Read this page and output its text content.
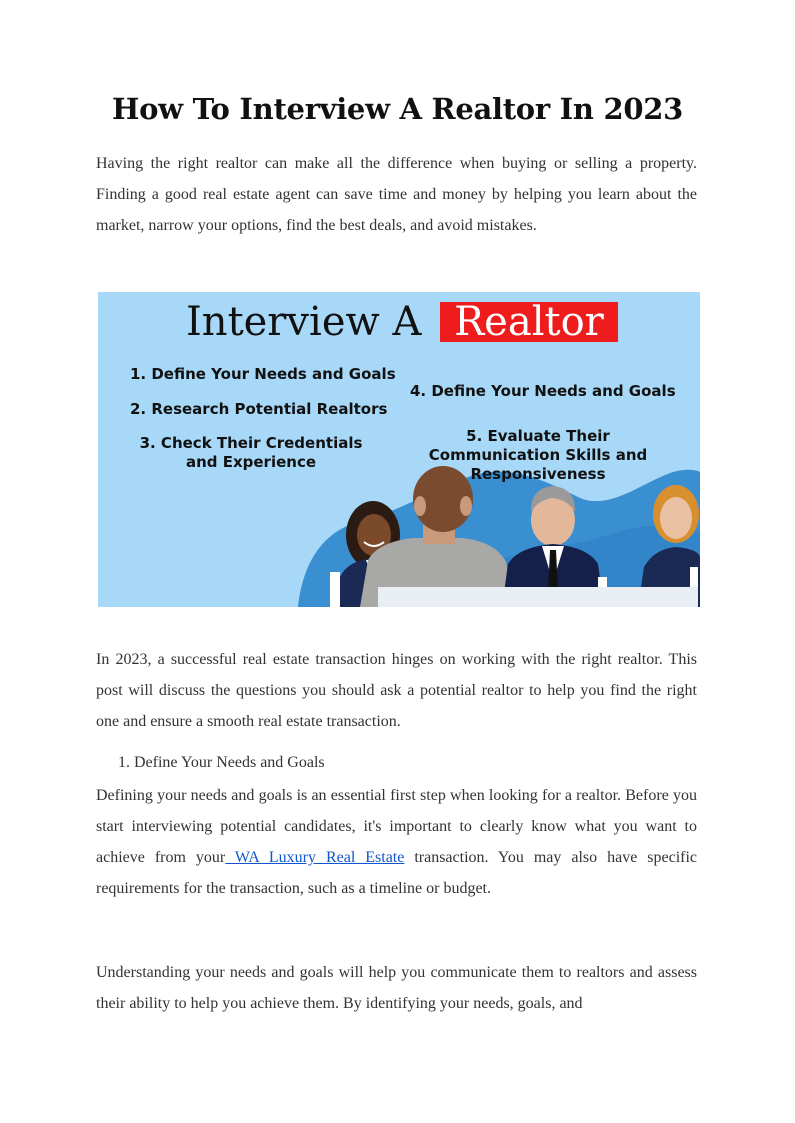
How To Interview A Realtor In 2023

Having the right realtor can make all the difference when buying or selling a property. Finding a good real estate agent can save time and money by helping you learn about the market, narrow your options, find the best deals, and avoid mistakes.

Interview A Realtor
1. Define Your Needs and Goals
2. Research Potential Realtors
3. Check Their Credentials and Experience
4. Define Your Needs and Goals
5. Evaluate Their Communication Skills and Responsiveness

In 2023, a successful real estate transaction hinges on working with the right realtor. This post will discuss the questions you should ask a potential realtor to help you find the right one and ensure a smooth real estate transaction.

1. Define Your Needs and Goals

Defining your needs and goals is an essential first step when looking for a realtor. Before you start interviewing potential candidates, it's important to clearly know what you want to achieve from your WA Luxury Real Estate transaction. You may also have specific requirements for the transaction, such as a timeline or budget.

Understanding your needs and goals will help you communicate them to realtors and assess their ability to help you achieve them. By identifying your needs, goals, and
